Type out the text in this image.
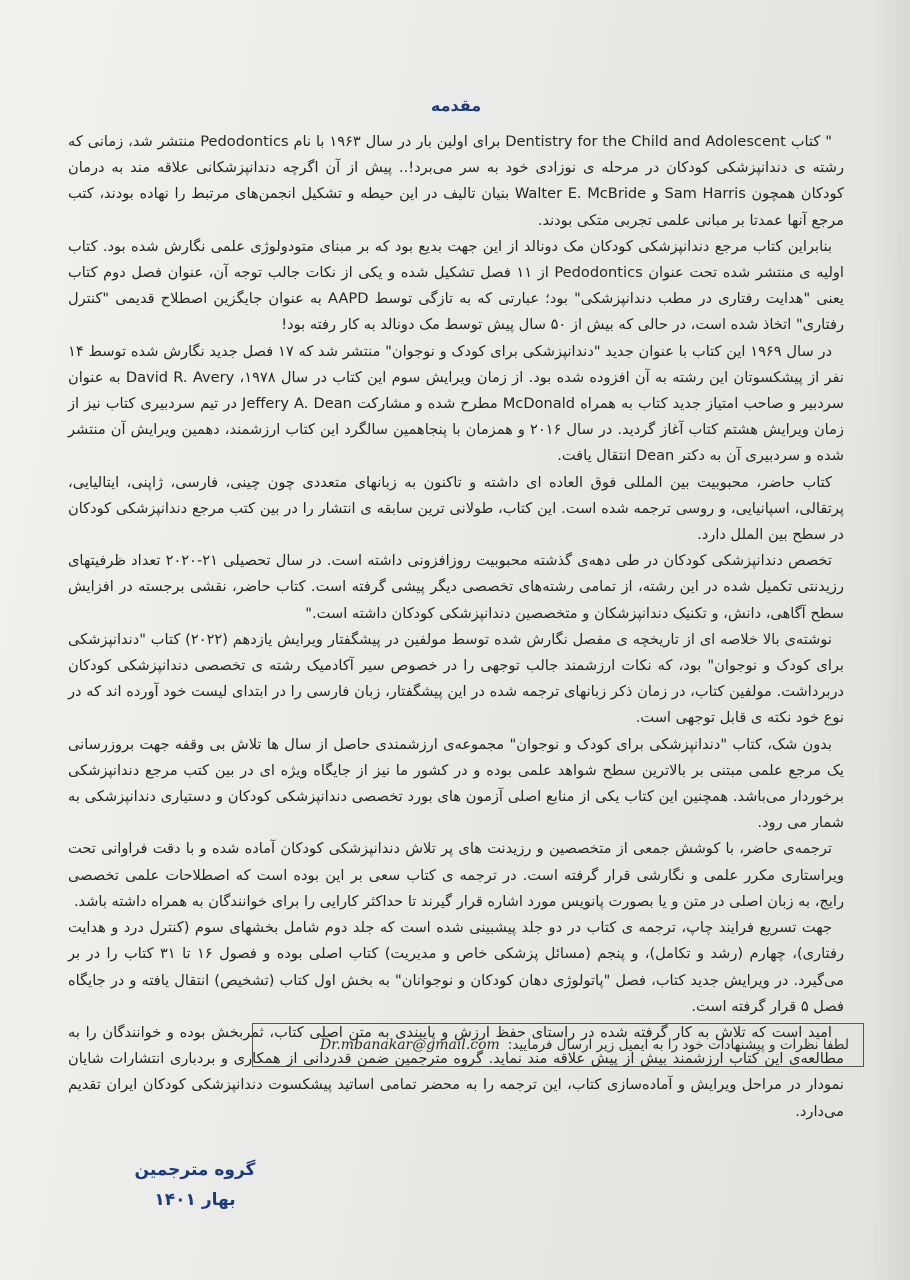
مقدمه

" کتاب Dentistry for the Child and Adolescent برای اولین بار در سال ۱۹۶۳ با نام Pedodontics منتشر شد، زمانی که رشته ی دندانپزشکی کودکان در مرحله ی نوزادی خود به سر می‌برد!.. پیش از آن اگرچه دندانپزشکانی علاقه مند به درمان کودکان همچون Sam Harris و Walter E. McBride بنیان تالیف در این حیطه و تشکیل انجمن‌های مرتبط را نهاده بودند، کتب مرجع آنها عمدتا بر مبانی علمی تجربی متکی بودند.

بنابراین کتاب مرجع دندانپزشکی کودکان مک دونالد از این جهت بدیع بود که بر مبنای متودولوژی علمی نگارش شده بود. کتاب اولیه ی منتشر شده تحت عنوان Pedodontics از ۱۱ فصل تشکیل شده و یکی از نکات جالب توجه آن، عنوان فصل دوم کتاب یعنی "هدایت رفتاری در مطب دندانپزشکی" بود؛ عبارتی که به تازگی توسط AAPD به عنوان جایگزین اصطلاح قدیمی "کنترل رفتاری" اتخاذ شده است، در حالی که بیش از ۵۰ سال پیش توسط مک دونالد به کار رفته بود!

در سال ۱۹۶۹ این کتاب با عنوان جدید "دندانپزشکی برای کودک و نوجوان" منتشر شد که ۱۷ فصل جدید نگارش شده توسط ۱۴ نفر از پیشکسوتان این رشته به آن افزوده شده بود. از زمان ویرایش سوم این کتاب در سال ۱۹۷۸، David R. Avery به عنوان سردبیر و صاحب امتیاز جدید کتاب به همراه McDonald مطرح شده و مشارکت Jeffery A. Dean در تیم سردبیری کتاب نیز از زمان ویرایش هشتم کتاب آغاز گردید. در سال ۲۰۱۶ و همزمان با پنجاهمین سالگرد این کتاب ارزشمند، دهمین ویرایش آن منتشر شده و سردبیری آن به دکتر Dean انتقال یافت.

کتاب حاضر، محبوبیت بین المللی فوق العاده ای داشته و تاکنون به زبانهای متعددی چون چینی، فارسی، ژاپنی، ایتالیایی، پرتقالی، اسپانیایی، و روسی ترجمه شده است. این کتاب، طولانی ترین سابقه ی انتشار را در بین کتب مرجع دندانپزشکی کودکان در سطح بین الملل دارد.

تخصص دندانپزشکی کودکان در طی دهه‌ی گذشته محبوبیت روزافزونی داشته است. در سال تحصیلی ۲۱-۲۰۲۰ تعداد ظرفیتهای رزیدنتی تکمیل شده در این رشته، از تمامی رشته‌های تخصصی دیگر پیشی گرفته است. کتاب حاضر، نقشی برجسته در افزایش سطح آگاهی، دانش، و تکنیک دندانپزشکان و متخصصین دندانپزشکی کودکان داشته است."

نوشته‌ی بالا خلاصه ای از تاریخچه ی مفصل نگارش شده توسط مولفین در پیشگفتار ویرایش یازدهم (۲۰۲۲) کتاب "دندانپزشکی برای کودک و نوجوان" بود، که نکات ارزشمند جالب توجهی را در خصوص سیر آکادمیک رشته ی تخصصی دندانپزشکی کودکان دربرداشت. مولفین کتاب، در زمان ذکر زبانهای ترجمه شده در این پیشگفتار، زبان فارسی را در ابتدای لیست خود آورده اند که در نوع خود نکته ی قابل توجهی است.

بدون شک، کتاب "دندانپزشکی برای کودک و نوجوان" مجموعه‌ی ارزشمندی حاصل از سال ها تلاش بی وقفه جهت بروزرسانی یک مرجع علمی مبتنی بر بالاترین سطح شواهد علمی بوده و در کشور ما نیز از جایگاه ویژه ای در بین کتب مرجع دندانپزشکی برخوردار می‌باشد. همچنین این کتاب یکی از منابع اصلی آزمون های بورد تخصصی دندانپزشکی کودکان و دستیاری دندانپزشکی به شمار می رود.

ترجمه‌ی حاضر، با کوشش جمعی از متخصصین و رزیدنت های پر تلاش دندانپزشکی کودکان آماده شده و با دقت فراوانی تحت ویراستاری مکرر علمی و نگارشی قرار گرفته است. در ترجمه ی کتاب سعی بر این بوده است که اصطلاحات علمی تخصصی رایج، به زبان اصلی در متن و یا بصورت پانویس مورد اشاره قرار گیرند تا حداکثر کارایی را برای خوانندگان به همراه داشته باشد.

جهت تسریع فرایند چاپ، ترجمه ی کتاب در دو جلد پیشبینی شده است که جلد دوم شامل بخشهای سوم (کنترل درد و هدایت رفتاری)، چهارم (رشد و تکامل)، و پنجم (مسائل پزشکی خاص و مدیریت) کتاب اصلی بوده و فصول ۱۶ تا ۳۱ کتاب را در بر می‌گیرد. در ویرایش جدید کتاب، فصل "پاتولوژی دهان کودکان و نوجوانان" به بخش اول کتاب (تشخیص) انتقال یافته و در جایگاه فصل ۵ قرار گرفته است.

امید است که تلاش به کار گرفته شده در راستای حفظ ارزش و پایبندی به متن اصلی کتاب، ثمربخش بوده و خوانندگان را به مطالعه‌ی این کتاب ارزشمند بیش از پیش علاقه مند نماید. گروه مترجمین ضمن قدردانی از همکاری و بردباری انتشارات شایان نمودار در مراحل ویرایش و آماده‌سازی کتاب، این ترجمه را به محضر تمامی اساتید پیشکسوت دندانپزشکی کودکان ایران تقدیم می‌دارد.

لطفا نظرات و پیشنهادات خود را به ایمیل زیر ارسال فرمایید:
Dr.mbanakar@gmail.com
گروه مترجمین
بهار ۱۴۰۱
